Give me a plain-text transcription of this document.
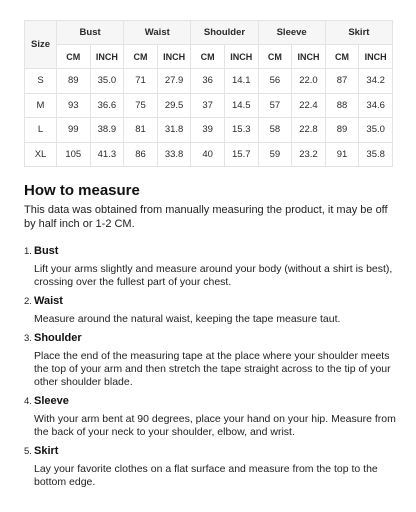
Size	Bust		Waist		Shoulder		Sleeve		Skirt	
	CM	INCH	CM	INCH	CM	INCH	CM	INCH	CM	INCH
S	89	35.0	71	27.9	36	14.1	56	22.0	87	34.2
M	93	36.6	75	29.5	37	14.5	57	22.4	88	34.6
L	99	38.9	81	31.8	39	15.3	58	22.8	89	35.0
XL	105	41.3	86	33.8	40	15.7	59	23.2	91	35.8
How to measure

This data was obtained from manually measuring the product, it may be off by half inch or 1-2 CM.

1. Bust
Lift your arms slightly and measure around your body (without a shirt is best), crossing over the fullest part of your chest.
2. Waist
Measure around the natural waist, keeping the tape measure taut.
3. Shoulder
Place the end of the measuring tape at the place where your shoulder meets the top of your arm and then stretch the tape straight across to the tip of your other shoulder blade.
4. Sleeve
With your arm bent at 90 degrees, place your hand on your hip. Measure from the back of your neck to your shoulder, elbow, and wrist.
5. Skirt
Lay your favorite clothes on a flat surface and measure from the top to the bottom edge.
